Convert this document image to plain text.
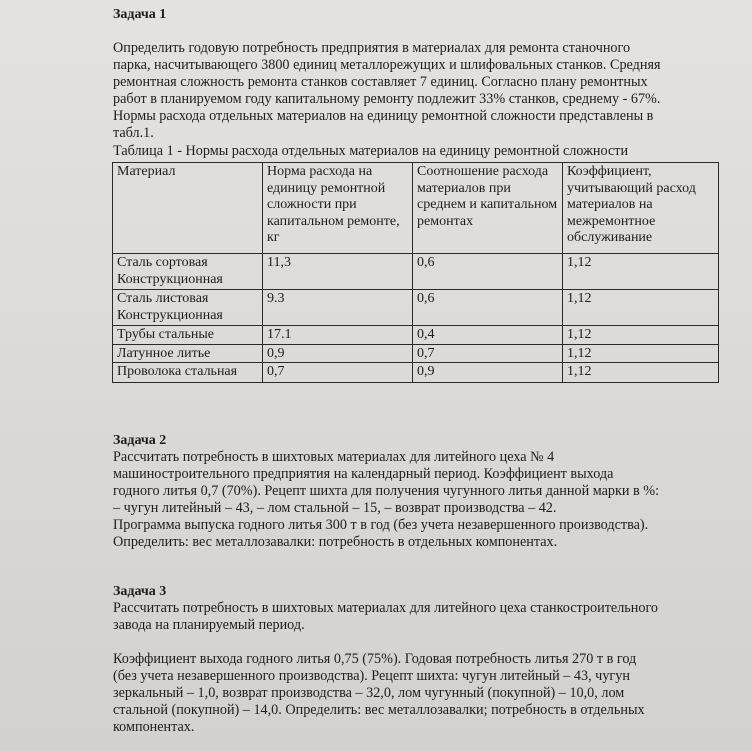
Задача 1
Определить годовую потребность предприятия в материалах для ремонта станочного
парка, насчитывающего 3800 единиц металлорежущих и шлифовальных станков. Средняя
ремонтная сложность ремонта станков составляет 7 единиц. Согласно плану ремонтных
работ в планируемом году капитальному ремонту подлежит 33% станков, среднему - 67%.
Нормы расхода отдельных материалов на единицу ремонтной сложности представлены в
табл.1.
Таблица 1 - Нормы расхода отдельных материалов на единицу ремонтной сложности
Материал	Норма расхода на единицу ремонтной сложности при капитальном ремонте, кг	Соотношение расхода материалов при среднем и капитальном ремонтах	Коэффициент, учитывающий расход материалов на межремонтное обслуживание
Сталь сортовая Конструкционная	11,3	0,6	1,12
Сталь листовая Конструкционная	9.3	0,6	1,12
Трубы стальные	17.1	0,4	1,12
Латунное литье	0,9	0,7	1,12
Проволока стальная	0,7	0,9	1,12
Задача 2
Рассчитать потребность в шихтовых материалах для литейного цеха № 4
машиностроительного предприятия на календарный период. Коэффициент выхода
годного литья 0,7 (70%). Рецепт шихта для получения чугунного литья данной марки в %:
– чугун литейный – 43, – лом стальной – 15, – возврат производства – 42.
Программа выпуска годного литья 300 т в год (без учета незавершенного производства).
Определить: вес металлозавалки: потребность в отдельных компонентах.
Задача 3
Рассчитать потребность в шихтовых материалах для литейного цеха станкостроительного
завода на планируемый период.
Коэффициент выхода годного литья 0,75 (75%). Годовая потребность литья 270 т в год
(без учета незавершенного производства). Рецепт шихта: чугун литейный – 43, чугун
зеркальный – 1,0, возврат производства – 32,0, лом чугунный (покупной) – 10,0, лом
стальной (покупной) – 14,0. Определить: вес металлозавалки; потребность в отдельных
компонентах.
